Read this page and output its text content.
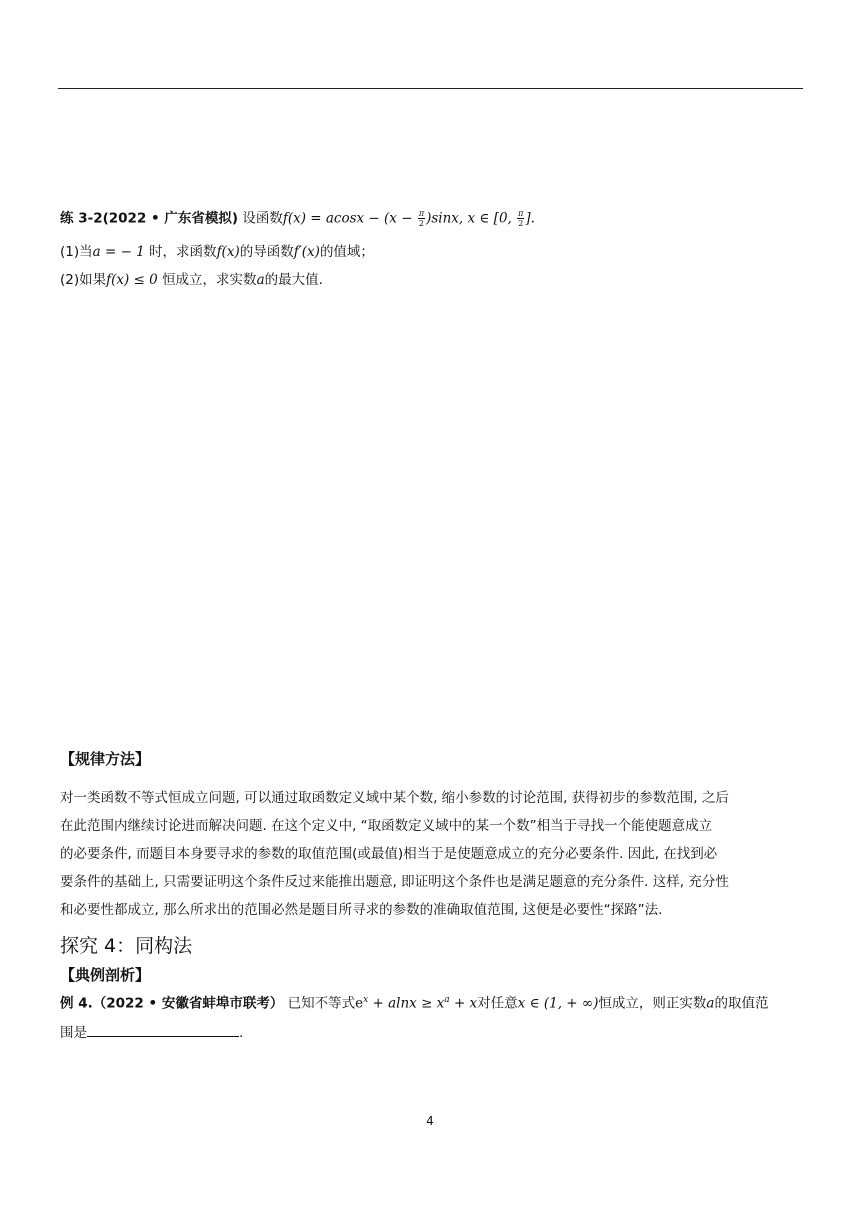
练 3-2(2022 • 广东省模拟) 设函数$f(x) = acosx - (x - \frac{\pi}{2} )\sin x$, x ∈ [0, $\frac{\pi}{2}$ ].
(1)当a = − 1 时，求函数f(x)的导函数f′(x)的值域；
(2)如果f(x) ≤ 0 恒成立，求实数a的最大值.
【规律方法】
对一类函数不等式恒成立问题, 可以通过取函数定义域中某个数, 缩小参数的讨论范围, 获得初步的参数范围, 之后
在此范围内继续讨论进而解决问题. 在这个定义中, “取函数定义域中的某一个数”相当于寻找一个能使题意成立
的必要条件, 而题目本身要寻求的参数的取值范围(或最值)相当于是使题意成立的充分必要条件. 因此, 在找到必
要条件的基础上, 只需要证明这个条件反过来能推出题意, 即证明这个条件也是满足题意的充分条件. 这样, 充分性
和必要性都成立, 那么所求出的范围必然是题目所寻求的参数的准确取值范围, 这便是必要性“探路”法.
探究 4：同构法
【典例剖析】
例 4.（2022 • 安徽省蚌埠市联考） 已知不等式$e^x + alnx \ge x^a + x$对任意x ∈ (1, + ∞)恒成立，则正实数a的取值范
围是	.
4
